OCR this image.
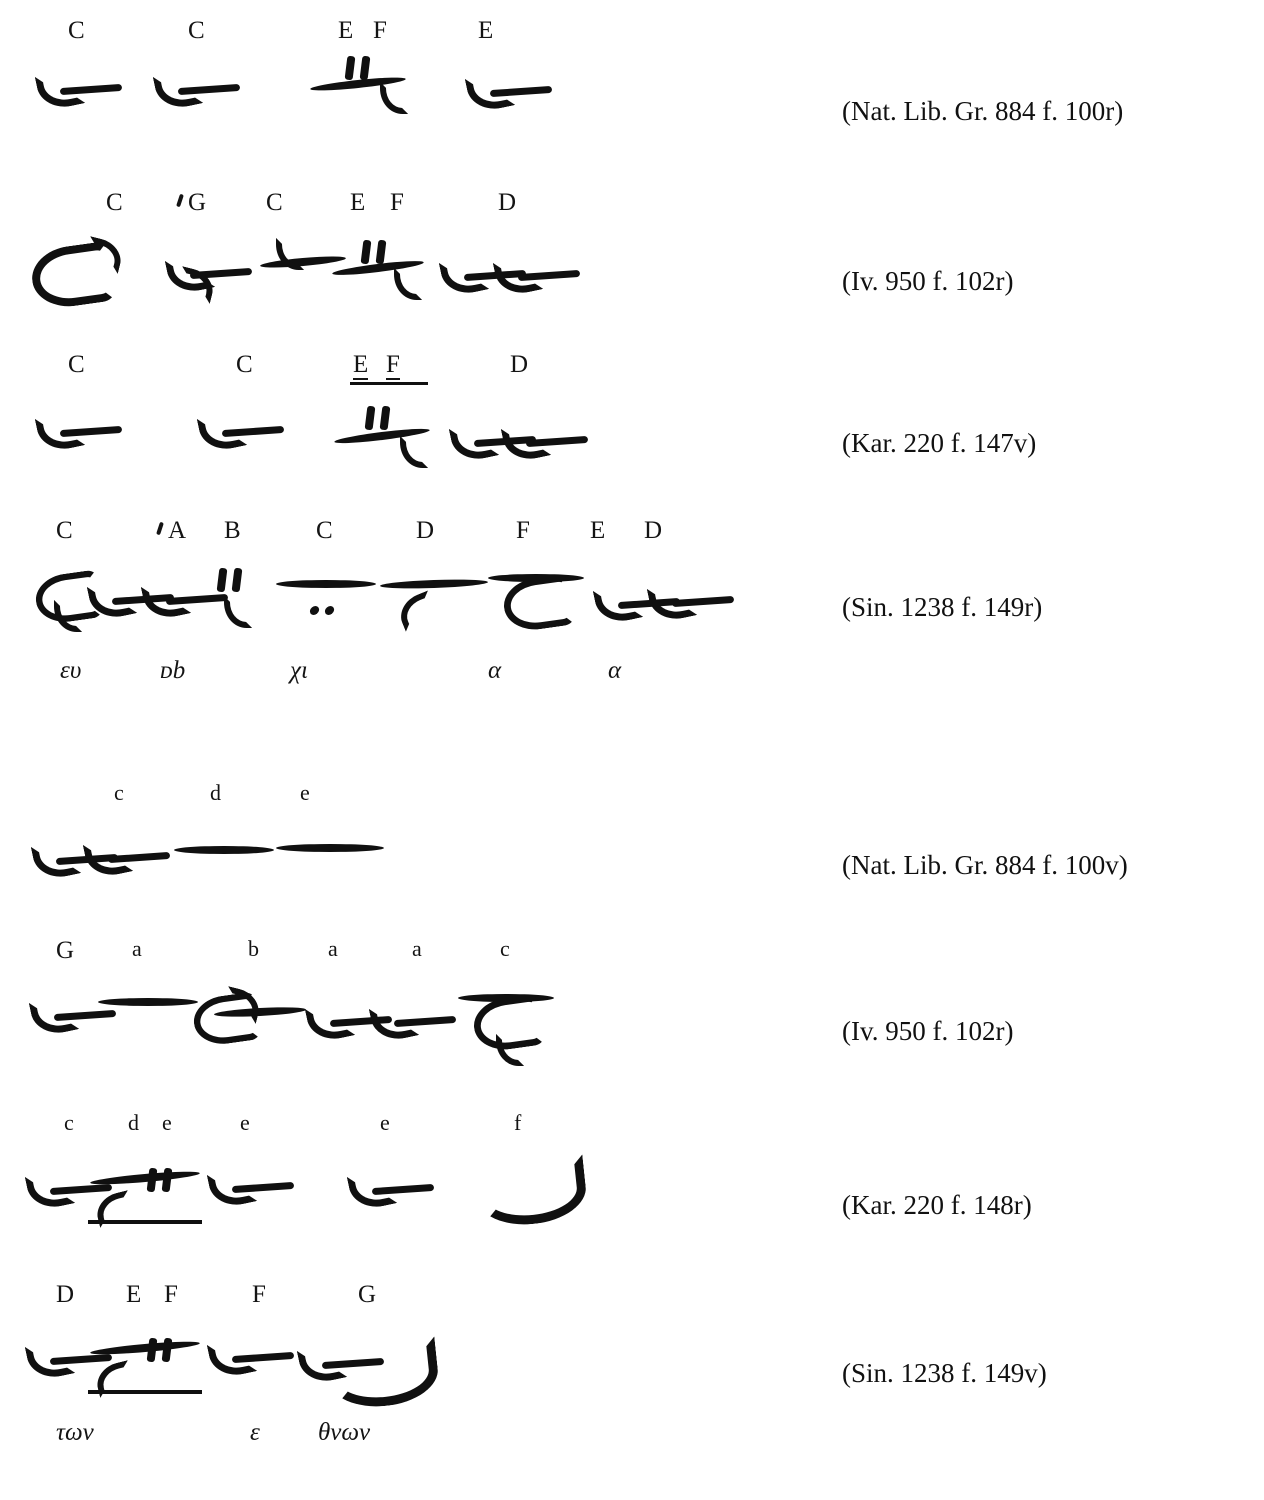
C	C	E F	E
(Nat. Lib. Gr. 884 f. 100r)
C	G C	E F	D
(Iv. 950 f. 102r)
C	C	E F	D
(Kar. 220 f. 147v)
C	A B	C	D	F E D
ευ	ᴅb	χι	α	α
(Sin. 1238 f. 149r)
c	d	e
(Nat. Lib. Gr. 884 f. 100v)
G	a	b	a	a	c
(Iv. 950 f. 102r)
c d e	e	e	f
(Kar. 220 f. 148r)
D E F	F	G
των	ε θνων
(Sin. 1238 f. 149v)
